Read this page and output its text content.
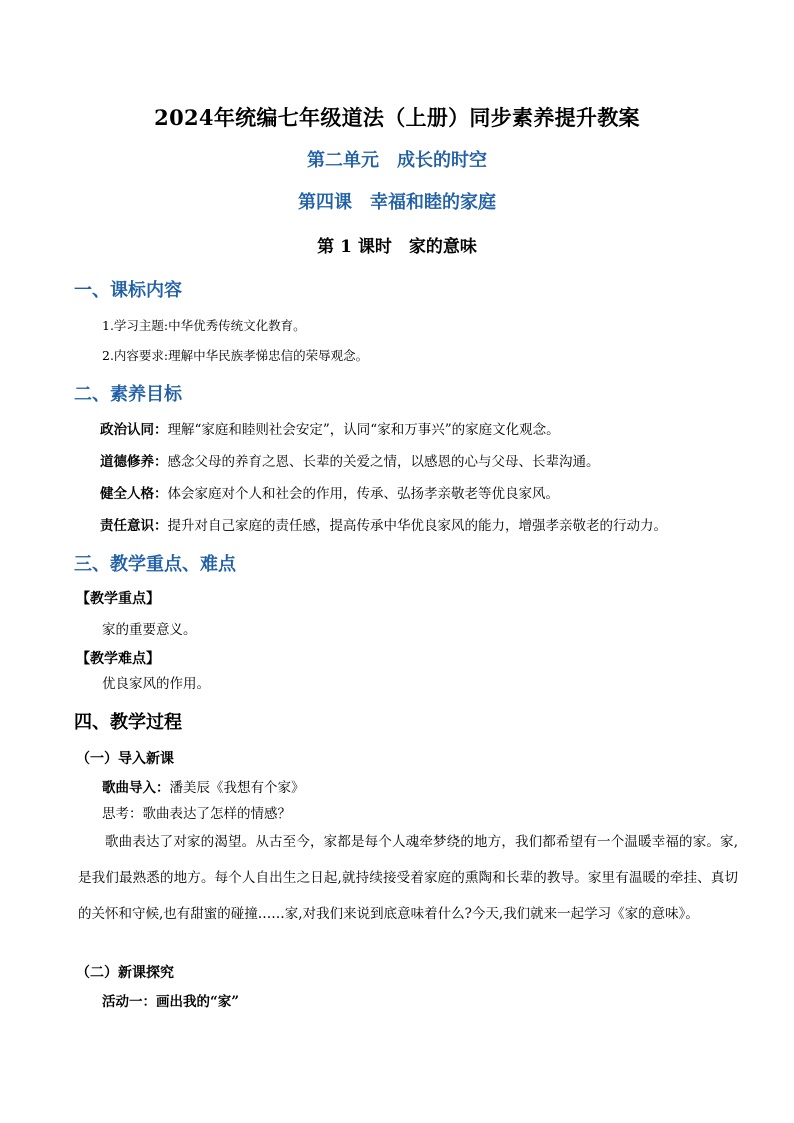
2024年统编七年级道法（上册）同步素养提升教案
第二单元　成长的时空
第四课　幸福和睦的家庭
第 1 课时　家的意味
一、课标内容
1.学习主题:中华优秀传统文化教育。
2.内容要求:理解中华民族孝悌忠信的荣辱观念。
二、素养目标
政治认同：理解“家庭和睦则社会安定”，认同“家和万事兴”的家庭文化观念。
道德修养：感念父母的养育之恩、长辈的关爱之情，以感恩的心与父母、长辈沟通。
健全人格：体会家庭对个人和社会的作用，传承、弘扬孝亲敬老等优良家风。
责任意识：提升对自己家庭的责任感，提高传承中华优良家风的能力，增强孝亲敬老的行动力。
三、教学重点、难点
【教学重点】
家的重要意义。
【教学难点】
优良家风的作用。
四、教学过程
（一）导入新课
歌曲导入：潘美辰《我想有个家》
思考：歌曲表达了怎样的情感？
歌曲表达了对家的渴望。从古至今，家都是每个人魂牵梦绕的地方，我们都希望有一个温暖幸福的家。家,是我们最熟悉的地方。每个人自出生之日起,就持续接受着家庭的熏陶和长辈的教导。家里有温暖的牵挂、真切的关怀和守候,也有甜蜜的碰撞……家,对我们来说到底意味着什么?今天,我们就来一起学习《家的意味》。
（二）新课探究
活动一：画出我的“家”
